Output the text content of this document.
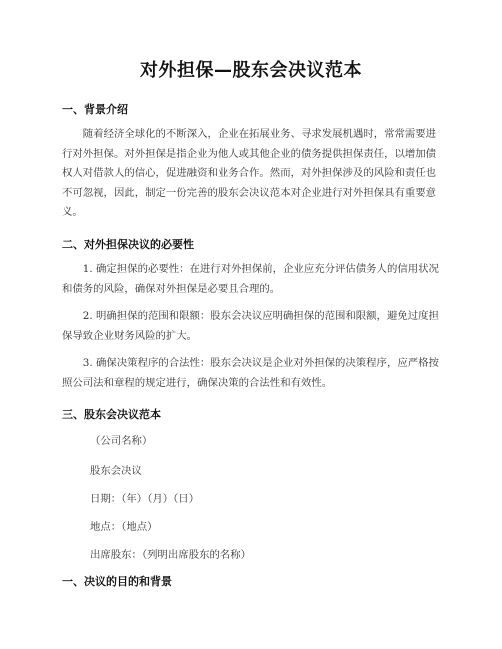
对外担保—股东会决议范本
一、背景介绍

随着经济全球化的不断深入，企业在拓展业务、寻求发展机遇时，常常需要进行对外担保。对外担保是指企业为他人或其他企业的债务提供担保责任，以增加债权人对借款人的信心，促进融资和业务合作。然而，对外担保涉及的风险和责任也不可忽视，因此，制定一份完善的股东会决议范本对企业进行对外担保具有重要意义。

二、对外担保决议的必要性

1. 确定担保的必要性：在进行对外担保前，企业应充分评估债务人的信用状况和债务的风险，确保对外担保是必要且合理的。

2. 明确担保的范围和限额：股东会决议应明确担保的范围和限额，避免过度担保导致企业财务风险的扩大。

3. 确保决策程序的合法性：股东会决议是企业对外担保的决策程序，应严格按照公司法和章程的规定进行，确保决策的合法性和有效性。

三、股东会决议范本
（公司名称）
股东会决议
日期：（年）（月）（日）
地点：（地点）
出席股东：（列明出席股东的名称）
一、决议的目的和背景
